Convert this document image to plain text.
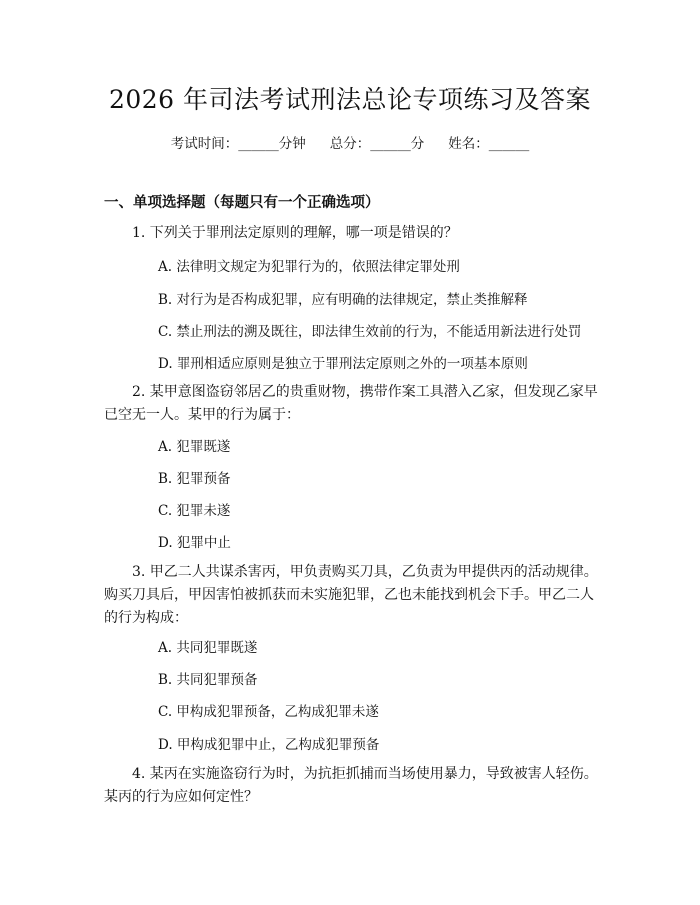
2026 年司法考试刑法总论专项练习及答案
考试时间：______分钟 总分：______分 姓名：______
一、单项选择题（每题只有一个正确选项）
1. 下列关于罪刑法定原则的理解，哪一项是错误的？
A. 法律明文规定为犯罪行为的，依照法律定罪处刑
B. 对行为是否构成犯罪，应有明确的法律规定，禁止类推解释
C. 禁止刑法的溯及既往，即法律生效前的行为，不能适用新法进行处罚
D. 罪刑相适应原则是独立于罪刑法定原则之外的一项基本原则
2. 某甲意图盗窃邻居乙的贵重财物，携带作案工具潜入乙家，但发现乙家早已空无一人。某甲的行为属于：
A. 犯罪既遂
B. 犯罪预备
C. 犯罪未遂
D. 犯罪中止
3. 甲乙二人共谋杀害丙，甲负责购买刀具，乙负责为甲提供丙的活动规律。购买刀具后，甲因害怕被抓获而未实施犯罪，乙也未能找到机会下手。甲乙二人的行为构成：
A. 共同犯罪既遂
B. 共同犯罪预备
C. 甲构成犯罪预备，乙构成犯罪未遂
D. 甲构成犯罪中止，乙构成犯罪预备
4. 某丙在实施盗窃行为时，为抗拒抓捕而当场使用暴力，导致被害人轻伤。某丙的行为应如何定性？
